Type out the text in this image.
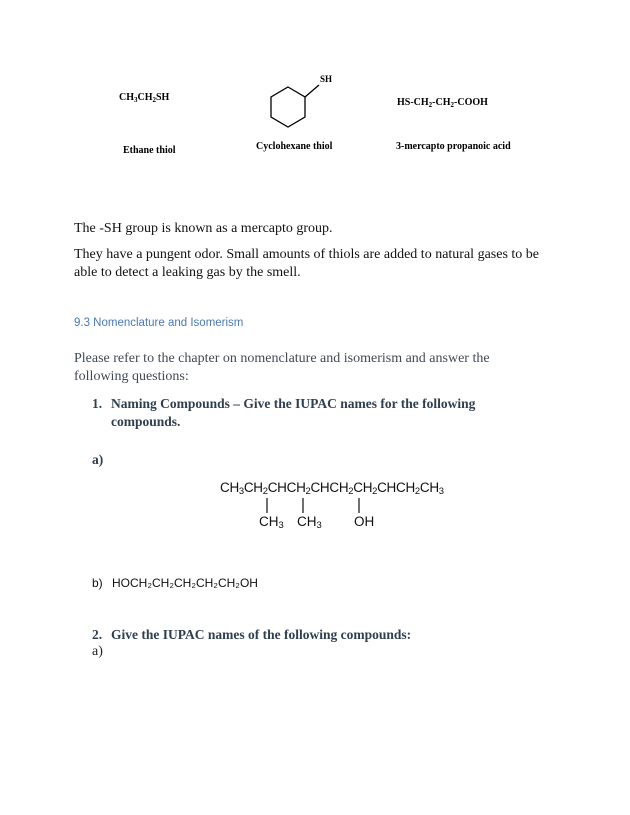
$CH_3CH_2SH$
Ethane thiol
SH
Cyclohexane thiol
$HS-CH_2-CH_2$-COOH
3-mercapto propanoic acid
The -SH group is known as a mercapto group.
They have a pungent odor. Small amounts of thiols are added to natural gases to be
able to detect a leaking gas by the smell.
9.3 Nomenclature and Isomerism
Please refer to the chapter on nomenclature and isomerism and answer the
following questions:
1. Naming Compounds – Give the IUPAC names for the following
compounds.
a)
$CH_3CH_2CHCH_2CHCH_2CH_2CHCH_2CH_3$
$CH_3$ $CH_3$ OH
b) HOCH₂CH₂CH₂CH₂CH₂OH
2. Give the IUPAC names of the following compounds:
a)
